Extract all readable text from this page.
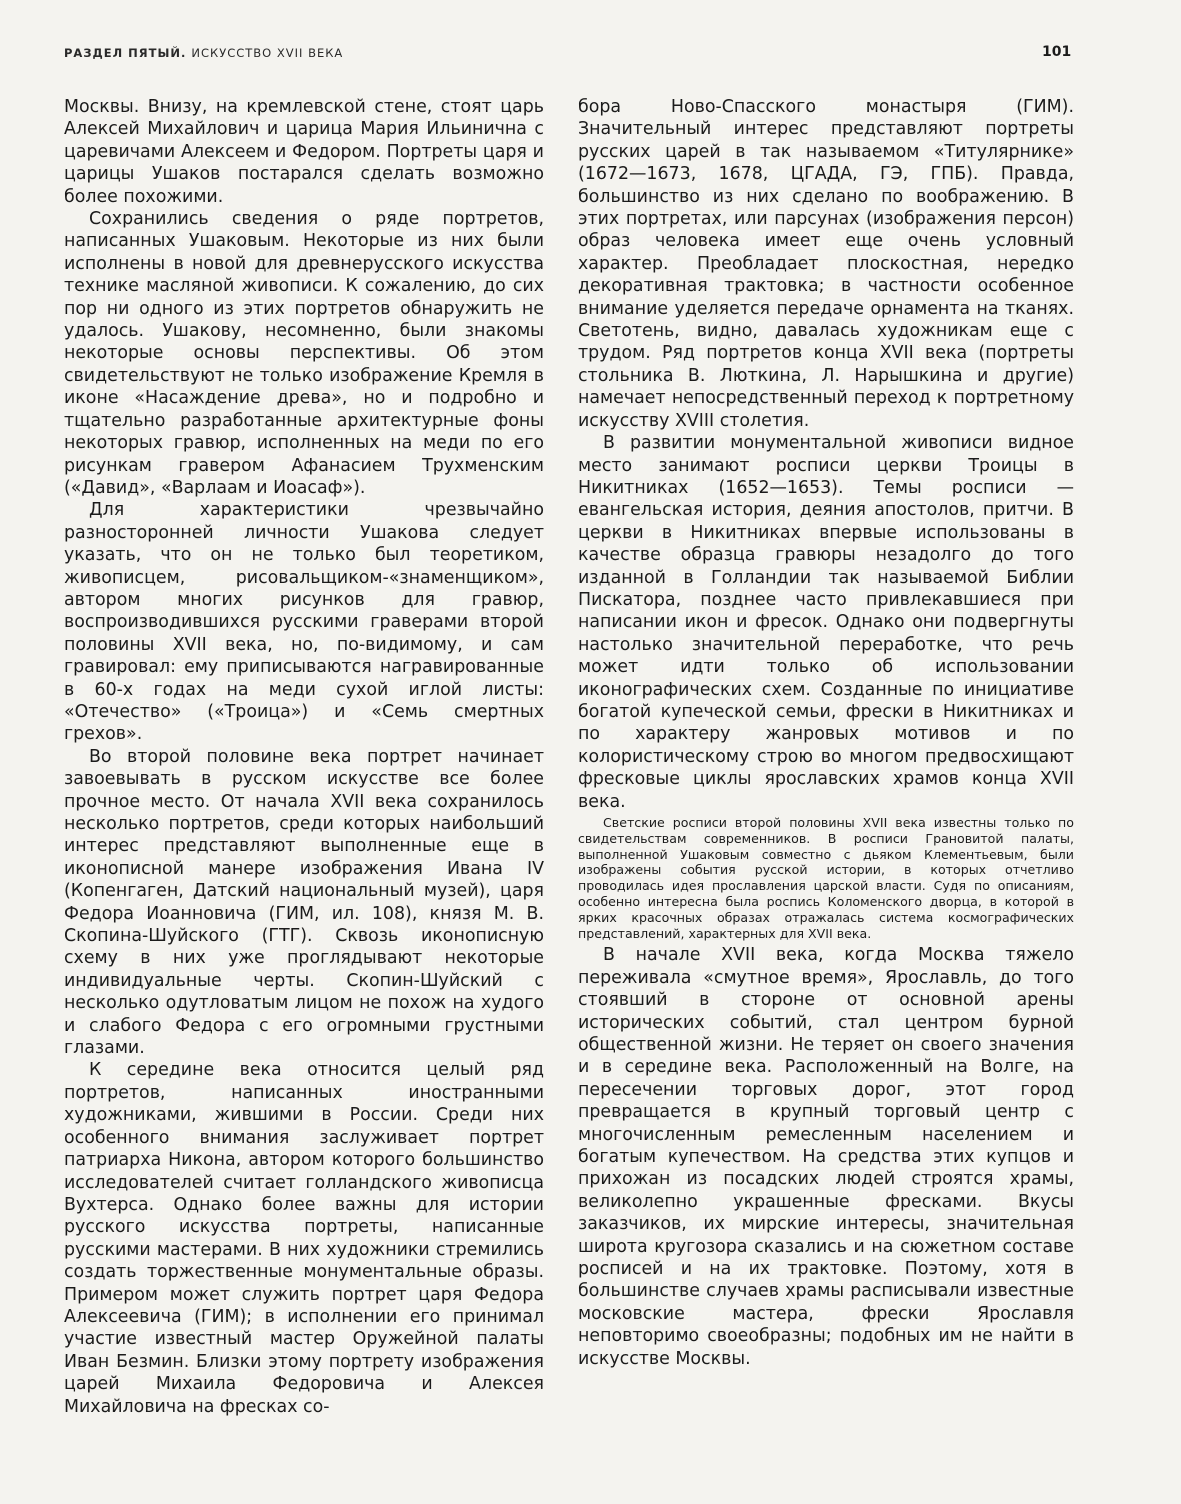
РАЗДЕЛ ПЯТЫЙ. ИСКУССТВО XVII ВЕКА	101

Москвы. Внизу, на кремлевской стене, стоят царь Алексей Михайлович и царица Мария Ильинична с царевичами Алексеем и Федором. Портреты царя и царицы Ушаков постарался сделать возможно более похожими.

Сохранились сведения о ряде портретов, написанных Ушаковым. Некоторые из них были исполнены в новой для древнерусского искусства технике масляной живописи. К сожалению, до сих пор ни одного из этих портретов обнаружить не удалось. Ушакову, несомненно, были знакомы некоторые основы перспективы. Об этом свидетельствуют не только изображение Кремля в иконе «Насаждение древа», но и подробно и тщательно разработанные архитектурные фоны некоторых гравюр, исполненных на меди по его рисункам гравером Афанасием Трухменским («Давид», «Варлаам и Иоасаф»).

Для характеристики чрезвычайно разносторонней личности Ушакова следует указать, что он не только был теоретиком, живописцем, рисовальщиком-«знаменщиком», автором многих рисунков для гравюр, воспроизводившихся русскими граверами второй половины XVII века, но, по-видимому, и сам гравировал: ему приписываются награвированные в 60-х годах на меди сухой иглой листы: «Отечество» («Троица») и «Семь смертных грехов».

Во второй половине века портрет начинает завоевывать в русском искусстве все более прочное место. От начала XVII века сохранилось несколько портретов, среди которых наибольший интерес представляют выполненные еще в иконописной манере изображения Ивана IV (Копенгаген, Датский национальный музей), царя Федора Иоанновича (ГИМ, ил. 108), князя М. В. Скопина-Шуйского (ГТГ). Сквозь иконописную схему в них уже проглядывают некоторые индивидуальные черты. Скопин-Шуйский с несколько одутловатым лицом не похож на худого и слабого Федора с его огромными грустными глазами.

К середине века относится целый ряд портретов, написанных иностранными художниками, жившими в России. Среди них особенного внимания заслуживает портрет патриарха Никона, автором которого большинство исследователей считает голландского живописца Вухтерса. Однако более важны для истории русского искусства портреты, написанные русскими мастерами. В них художники стремились создать торжественные монументальные образы. Примером может служить портрет царя Федора Алексеевича (ГИМ); в исполнении его принимал участие известный мастер Оружейной палаты Иван Безмин. Близки этому портрету изображения царей Михаила Федоровича и Алексея Михайловича на фресках со-

бора Ново-Спасского монастыря (ГИМ). Значительный интерес представляют портреты русских царей в так называемом «Титулярнике» (1672—1673, 1678, ЦГАДА, ГЭ, ГПБ). Правда, большинство из них сделано по воображению. В этих портретах, или парсунах (изображения персон) образ человека имеет еще очень условный характер. Преобладает плоскостная, нередко декоративная трактовка; в частности особенное внимание уделяется передаче орнамента на тканях. Светотень, видно, давалась художникам еще с трудом. Ряд портретов конца XVII века (портреты стольника В. Люткина, Л. Нарышкина и другие) намечает непосредственный переход к портретному искусству XVIII столетия.

В развитии монументальной живописи видное место занимают росписи церкви Троицы в Никитниках (1652—1653). Темы росписи — евангельская история, деяния апостолов, притчи. В церкви в Никитниках впервые использованы в качестве образца гравюры незадолго до того изданной в Голландии так называемой Библии Пискатора, позднее часто привлекавшиеся при написании икон и фресок. Однако они подвергнуты настолько значительной переработке, что речь может идти только об использовании иконографических схем. Созданные по инициативе богатой купеческой семьи, фрески в Никитниках и по характеру жанровых мотивов и по колористическому строю во многом предвосхищают фресковые циклы ярославских храмов конца XVII века.

Светские росписи второй половины XVII века известны только по свидетельствам современников. В росписи Грановитой палаты, выполненной Ушаковым совместно с дьяком Клементьевым, были изображены события русской истории, в которых отчетливо проводилась идея прославления царской власти. Судя по описаниям, особенно интересна была роспись Коломенского дворца, в которой в ярких красочных образах отражалась система космографических представлений, характерных для XVII века.

В начале XVII века, когда Москва тяжело переживала «смутное время», Ярославль, до того стоявший в стороне от основной арены исторических событий, стал центром бурной общественной жизни. Не теряет он своего значения и в середине века. Расположенный на Волге, на пересечении торговых дорог, этот город превращается в крупный торговый центр с многочисленным ремесленным населением и богатым купечеством. На средства этих купцов и прихожан из посадских людей строятся храмы, великолепно украшенные фресками. Вкусы заказчиков, их мирские интересы, значительная широта кругозора сказались и на сюжетном составе росписей и на их трактовке. Поэтому, хотя в большинстве случаев храмы расписывали известные московские мастера, фрески Ярославля неповторимо своеобразны; подобных им не найти в искусстве Москвы.
